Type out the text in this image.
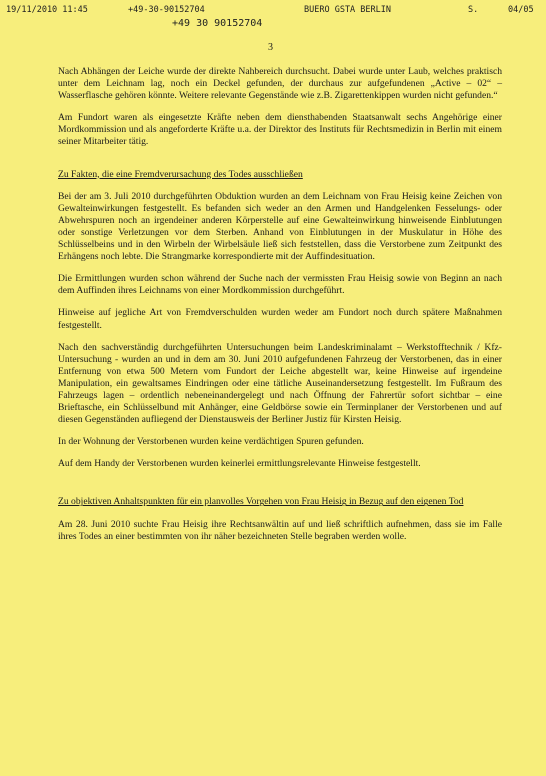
19/11/2010 11:45	+49-30-90152704	BUERO GSTA BERLIN	S.	04/05
+49 30 90152704
3

Nach Abhängen der Leiche wurde der direkte Nahbereich durchsucht. Dabei wurde unter Laub, welches praktisch unter dem Leichnam lag, noch ein Deckel gefunden, der durchaus zur aufgefundenen „Active – 02“ – Wasserflasche gehören könnte. Weitere relevante Gegenstände wie z.B. Zigarettenkippen wurden nicht gefunden.“

Am Fundort waren als eingesetzte Kräfte neben dem diensthabenden Staatsanwalt sechs Angehörige einer Mordkommission und als angeforderte Kräfte u.a. der Direktor des Instituts für Rechtsmedizin in Berlin mit einem seiner Mitarbeiter tätig.

Zu Fakten, die eine Fremdverursachung des Todes ausschließen

Bei der am 3. Juli 2010 durchgeführten Obduktion wurden an dem Leichnam von Frau Heisig keine Zeichen von Gewalteinwirkungen festgestellt. Es befanden sich weder an den Armen und Handgelenken Fesselungs- oder Abwehrspuren noch an irgendeiner anderen Körperstelle auf eine Gewalteinwirkung hinweisende Einblutungen oder sonstige Verletzungen vor dem Sterben. Anhand von Einblutungen in der Muskulatur in Höhe des Schlüsselbeins und in den Wirbeln der Wirbelsäule ließ sich feststellen, dass die Verstorbene zum Zeitpunkt des Erhängens noch lebte. Die Strangmarke korrespondierte mit der Auffindesituation.

Die Ermittlungen wurden schon während der Suche nach der vermissten Frau Heisig sowie von Beginn an nach dem Auffinden ihres Leichnams von einer Mordkommission durchgeführt.

Hinweise auf jegliche Art von Fremdverschulden wurden weder am Fundort noch durch spätere Maßnahmen festgestellt.

Nach den sachverständig durchgeführten Untersuchungen beim Landeskriminalamt – Werkstofftechnik / Kfz-Untersuchung - wurden an und in dem am 30. Juni 2010 aufgefundenen Fahrzeug der Verstorbenen, das in einer Entfernung von etwa 500 Metern vom Fundort der Leiche abgestellt war, keine Hinweise auf irgendeine Manipulation, ein gewaltsames Eindringen oder eine tätliche Auseinandersetzung festgestellt. Im Fußraum des Fahrzeugs lagen – ordentlich nebeneinandergelegt und nach Öffnung der Fahrertür sofort sichtbar – eine Brieftasche, ein Schlüsselbund mit Anhänger, eine Geldbörse sowie ein Terminplaner der Verstorbenen und auf diesen Gegenständen aufliegend der Dienstausweis der Berliner Justiz für Kirsten Heisig.

In der Wohnung der Verstorbenen wurden keine verdächtigen Spuren gefunden.

Auf dem Handy der Verstorbenen wurden keinerlei ermittlungsrelevante Hinweise festgestellt.

Zu objektiven Anhaltspunkten für ein planvolles Vorgehen von Frau Heisig in Bezug auf den eigenen Tod

Am 28. Juni 2010 suchte Frau Heisig ihre Rechtsanwältin auf und ließ schriftlich aufnehmen, dass sie im Falle ihres Todes an einer bestimmten von ihr näher bezeichneten Stelle begraben werden wolle.
